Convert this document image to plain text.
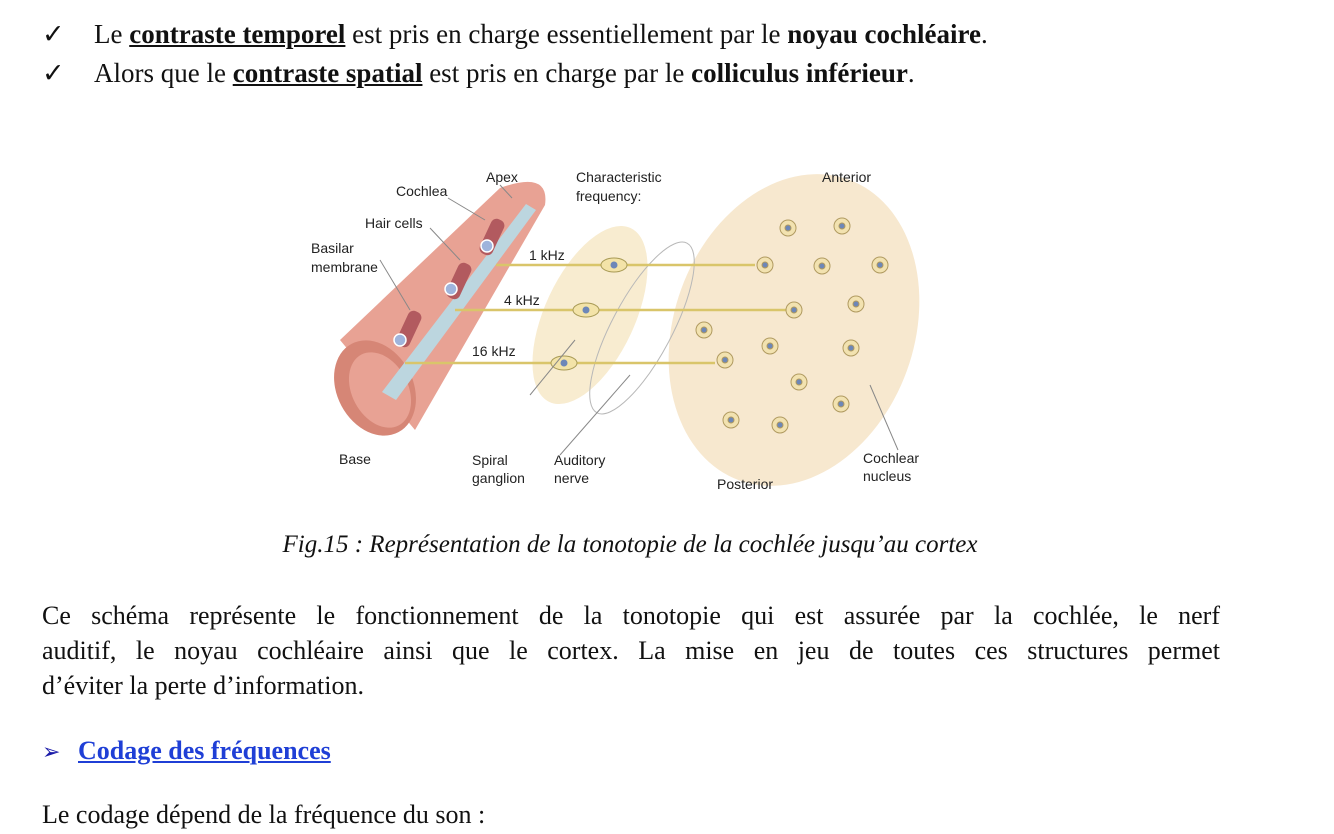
✓ Le contraste temporel est pris en charge essentiellement par le noyau cochléaire.
✓ Alors que le contraste spatial est pris en charge par le colliculus inférieur.
Cochlea
Apex
Hair cells
Basilar
membrane
Characteristic
frequency:
Anterior
1 kHz
4 kHz
16 kHz
Base	Spiral
ganglion
Auditory
nerve	Posterior
Cochlear
nucleus
Fig.15 : Représentation de la tonotopie de la cochlée jusqu’au cortex
Ce schéma représente le fonctionnement de la tonotopie qui est assurée par la cochlée, le nerf
auditif, le noyau cochléaire ainsi que le cortex. La mise en jeu de toutes ces structures permet
d’éviter la perte d’information.
➢ Codage des fréquences
Le codage dépend de la fréquence du son :
